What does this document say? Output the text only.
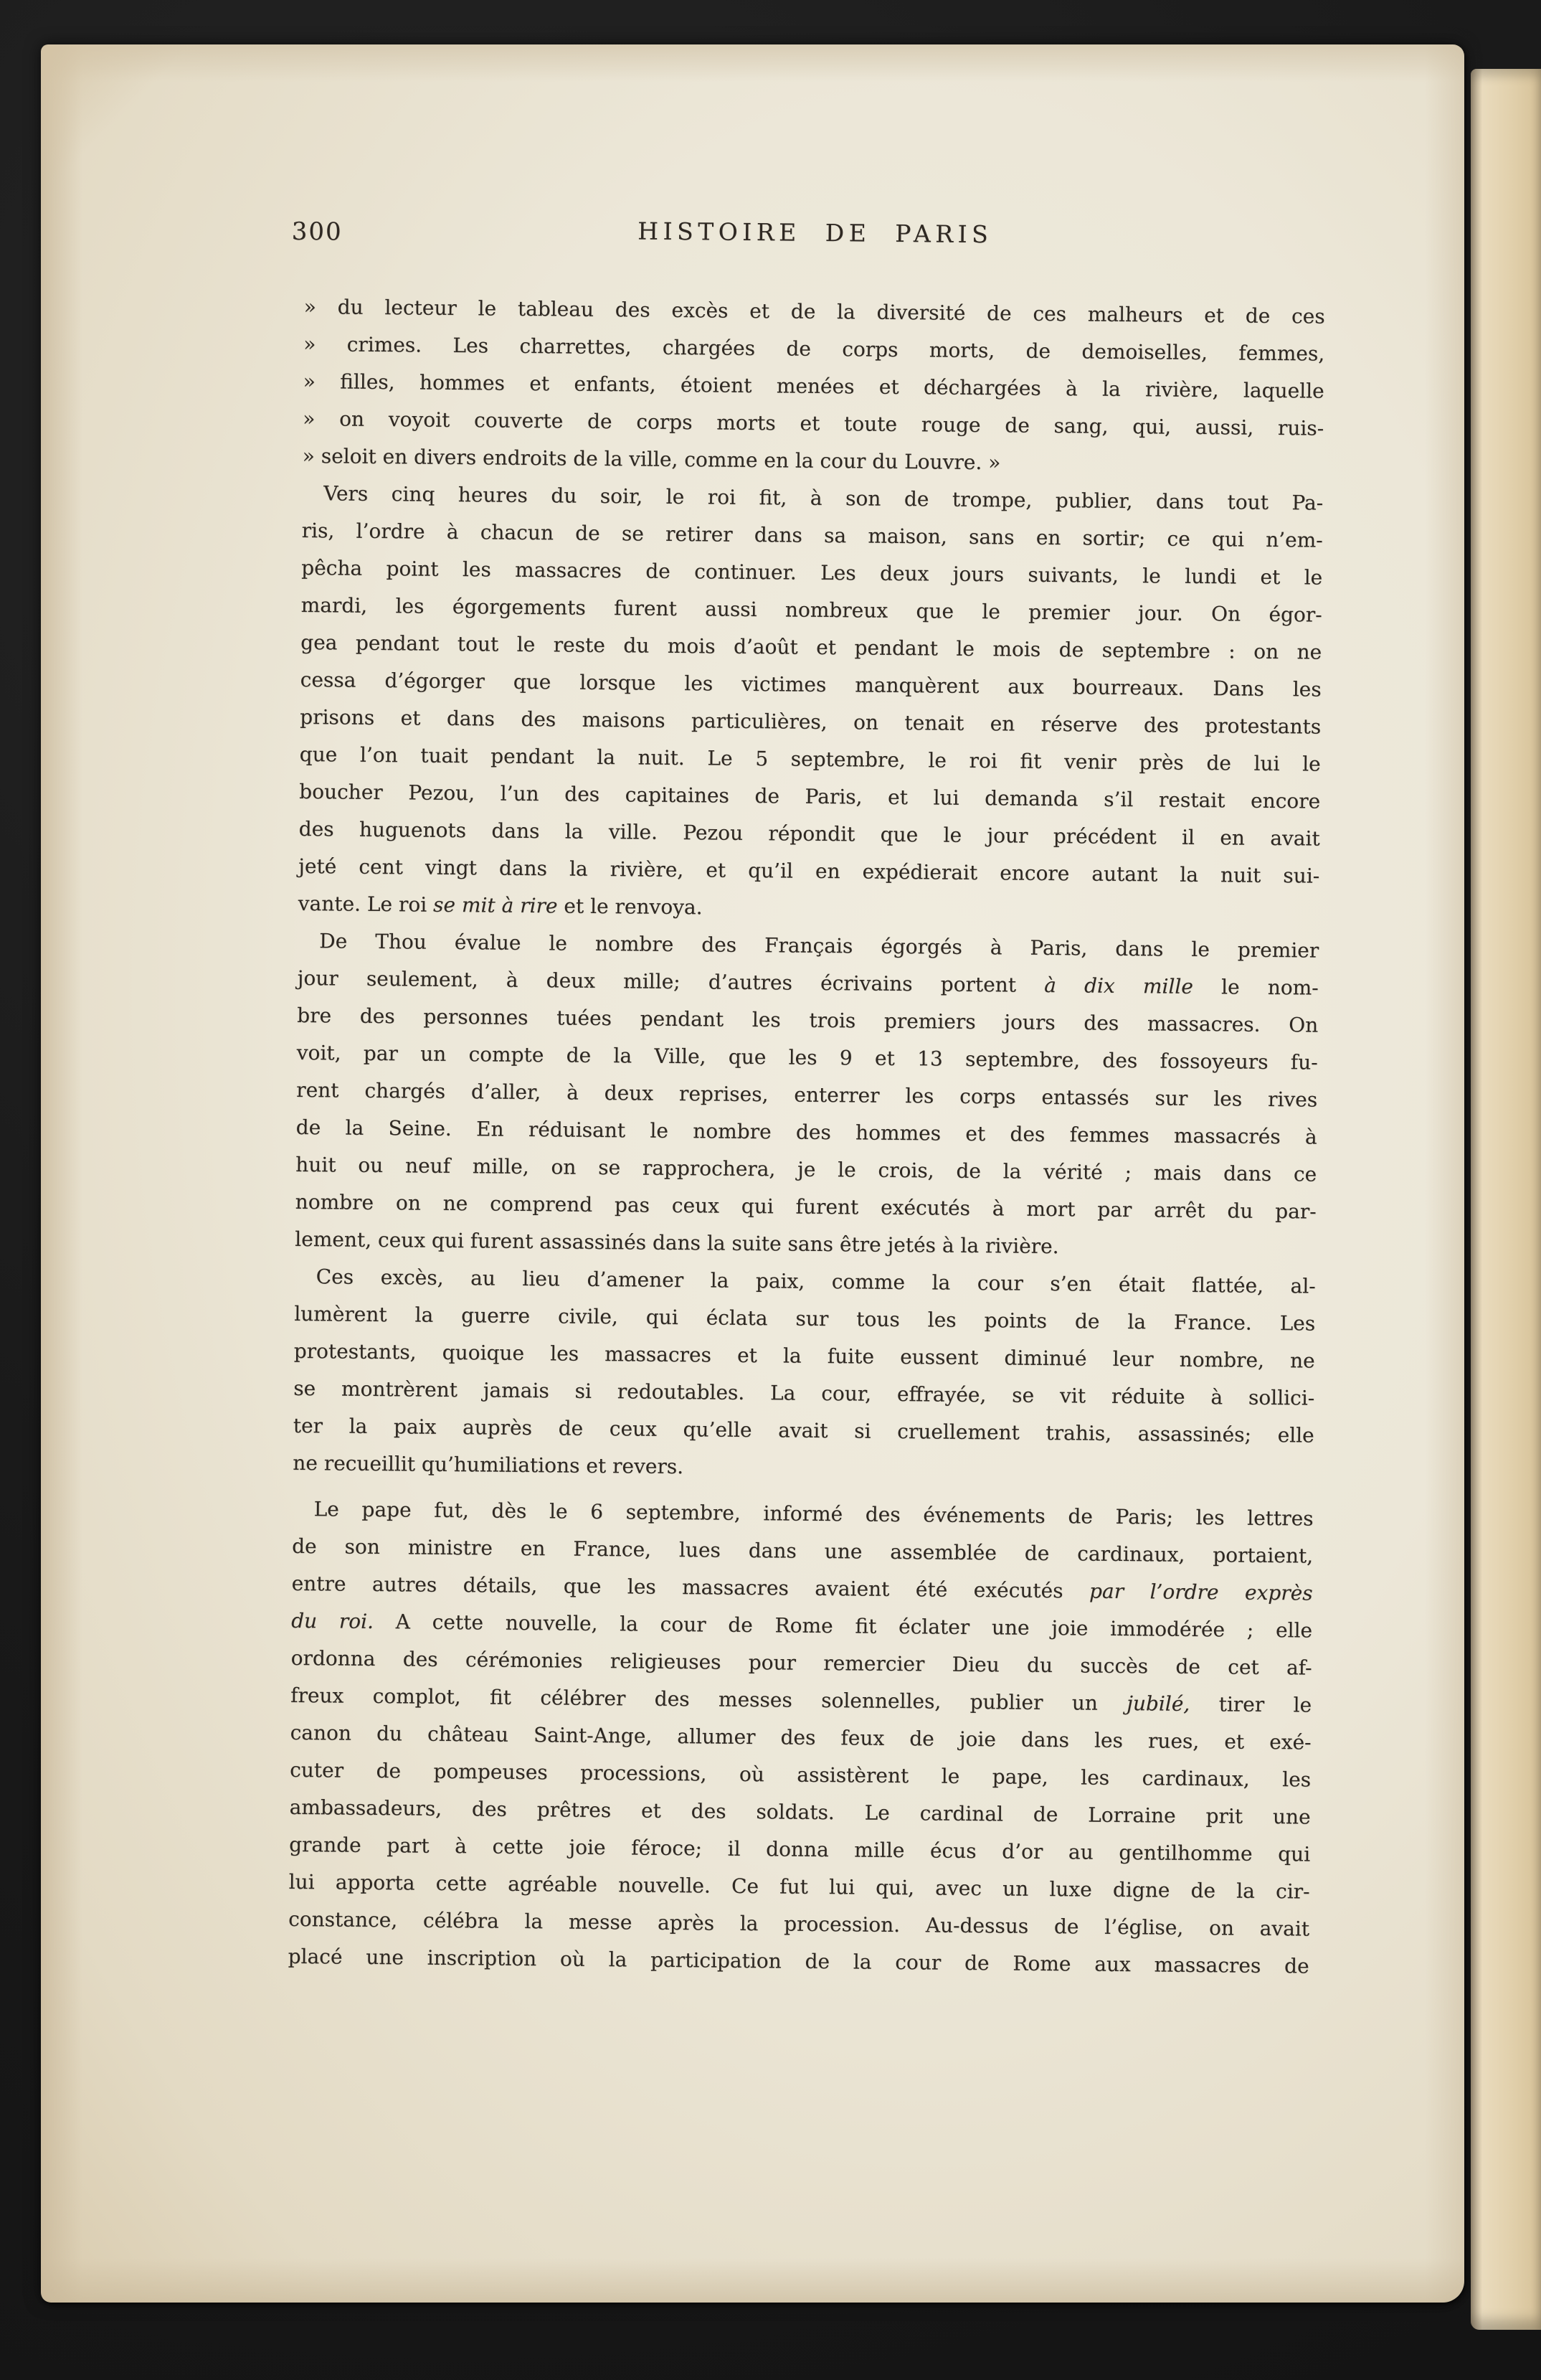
300	HISTOIRE DE PARIS
» du lecteur le tableau des excès et de la diversité de ces malheurs et de ces
» crimes. Les charrettes, chargées de corps morts, de demoiselles, femmes,
» filles, hommes et enfants, étoient menées et déchargées à la rivière, laquelle
» on voyoit couverte de corps morts et toute rouge de sang, qui, aussi, ruis-
» seloit en divers endroits de la ville, comme en la cour du Louvre. »
Vers cinq heures du soir, le roi fit, à son de trompe, publier, dans tout Pa-
ris, l’ordre à chacun de se retirer dans sa maison, sans en sortir; ce qui n’em-
pêcha point les massacres de continuer. Les deux jours suivants, le lundi et le
mardi, les égorgements furent aussi nombreux que le premier jour. On égor-
gea pendant tout le reste du mois d’août et pendant le mois de septembre : on ne
cessa d’égorger que lorsque les victimes manquèrent aux bourreaux. Dans les
prisons et dans des maisons particulières, on tenait en réserve des protestants
que l’on tuait pendant la nuit. Le 5 septembre, le roi fit venir près de lui le
boucher Pezou, l’un des capitaines de Paris, et lui demanda s’il restait encore
des huguenots dans la ville. Pezou répondit que le jour précédent il en avait
jeté cent vingt dans la rivière, et qu’il en expédierait encore autant la nuit sui-
vante. Le roi se mit à rire et le renvoya.
De Thou évalue le nombre des Français égorgés à Paris, dans le premier
jour seulement, à deux mille; d’autres écrivains portent à dix mille le nom-
bre des personnes tuées pendant les trois premiers jours des massacres. On
voit, par un compte de la Ville, que les 9 et 13 septembre, des fossoyeurs fu-
rent chargés d’aller, à deux reprises, enterrer les corps entassés sur les rives
de la Seine. En réduisant le nombre des hommes et des femmes massacrés à
huit ou neuf mille, on se rapprochera, je le crois, de la vérité ; mais dans ce
nombre on ne comprend pas ceux qui furent exécutés à mort par arrêt du par-
lement, ceux qui furent assassinés dans la suite sans être jetés à la rivière.
Ces excès, au lieu d’amener la paix, comme la cour s’en était flattée, al-
lumèrent la guerre civile, qui éclata sur tous les points de la France. Les
protestants, quoique les massacres et la fuite eussent diminué leur nombre, ne
se montrèrent jamais si redoutables. La cour, effrayée, se vit réduite à sollici-
ter la paix auprès de ceux qu’elle avait si cruellement trahis, assassinés; elle
ne recueillit qu’humiliations et revers.
Le pape fut, dès le 6 septembre, informé des événements de Paris; les lettres
de son ministre en France, lues dans une assemblée de cardinaux, portaient,
entre autres détails, que les massacres avaient été exécutés par l’ordre exprès
du roi. A cette nouvelle, la cour de Rome fit éclater une joie immodérée ; elle
ordonna des cérémonies religieuses pour remercier Dieu du succès de cet af-
freux complot, fit célébrer des messes solennelles, publier un jubilé, tirer le
canon du château Saint-Ange, allumer des feux de joie dans les rues, et exé-
cuter de pompeuses processions, où assistèrent le pape, les cardinaux, les
ambassadeurs, des prêtres et des soldats. Le cardinal de Lorraine prit une
grande part à cette joie féroce; il donna mille écus d’or au gentilhomme qui
lui apporta cette agréable nouvelle. Ce fut lui qui, avec un luxe digne de la cir-
constance, célébra la messe après la procession. Au-dessus de l’église, on avait
placé une inscription où la participation de la cour de Rome aux massacres de
